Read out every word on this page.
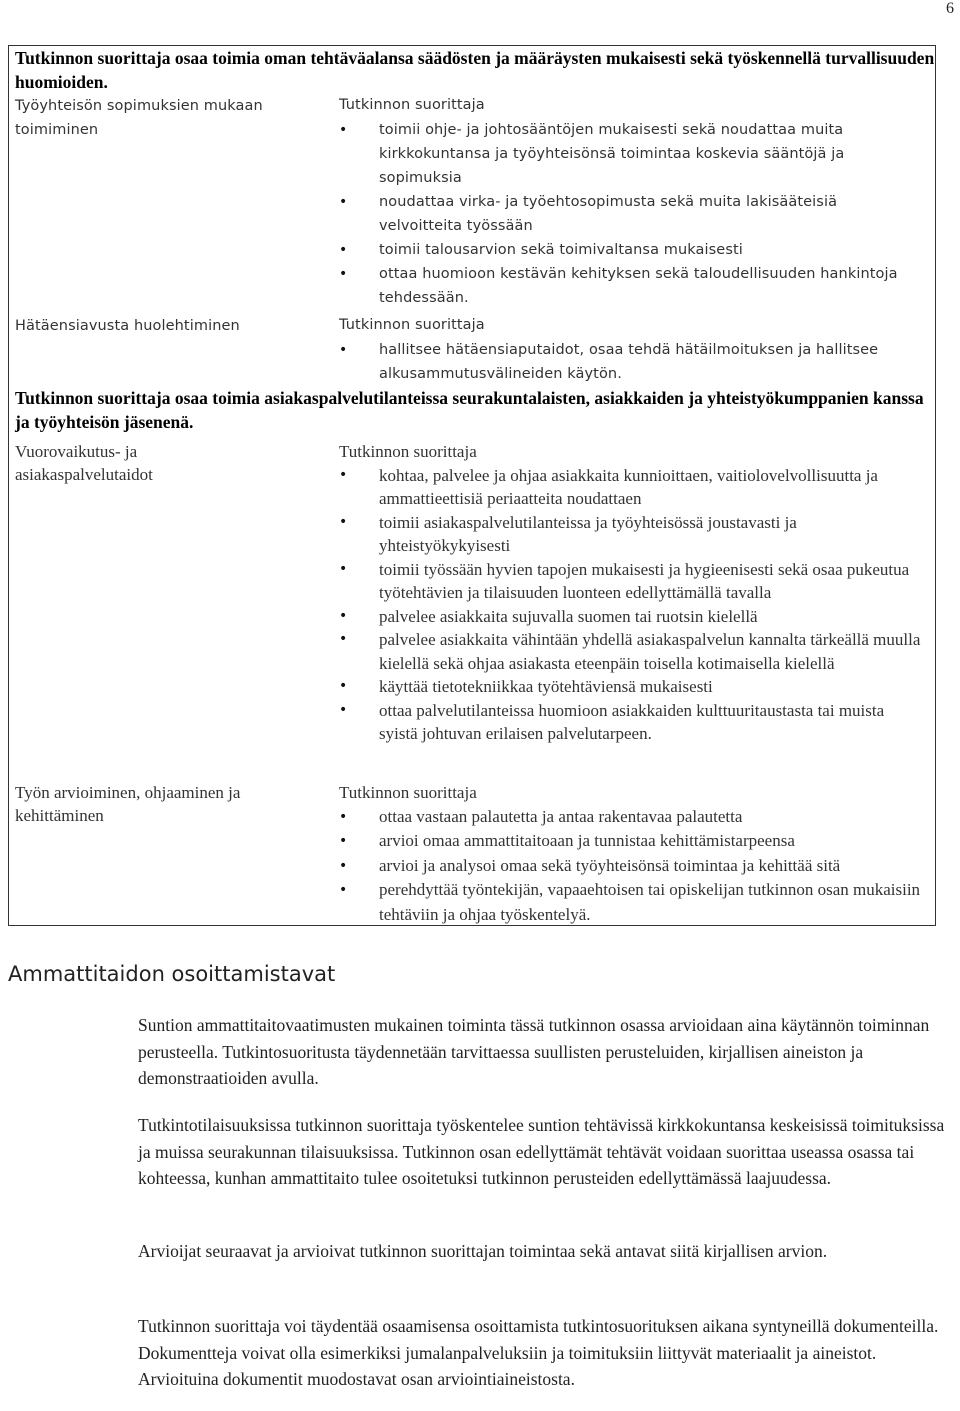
6
Tutkinnon suorittaja osaa toimia oman tehtäväalansa säädösten ja määräysten mukaisesti sekä työskennellä turvallisuuden huomioiden.
Työyhteisön sopimuksien mukaan toimiminen
Tutkinnon suorittaja
• toimii ohje- ja johtosääntöjen mukaisesti sekä noudattaa muita kirkkokuntansa ja työyhteisönsä toimintaa koskevia sääntöjä ja sopimuksia
• noudattaa virka- ja työehtosopimusta sekä muita lakisääteisiä velvoitteita työssään
• toimii talousarvion sekä toimivaltansa mukaisesti
• ottaa huomioon kestävän kehityksen sekä taloudellisuuden hankintoja tehdessään.
Hätäensiavusta huolehtiminen	Tutkinnon suorittaja
• hallitsee hätäensiaputaidot, osaa tehdä hätäilmoituksen ja hallitsee alkusammutusvälineiden käytön.
Tutkinnon suorittaja osaa toimia asiakaspalvelutilanteissa seurakuntalaisten, asiakkaiden ja yhteistyökumppanien kanssa ja työyhteisön jäsenenä.
Vuorovaikutus- ja asiakaspalvelutaidot
Tutkinnon suorittaja
• kohtaa, palvelee ja ohjaa asiakkaita kunnioittaen, vaitiolovelvollisuutta ja ammattieettisiä periaatteita noudattaen
• toimii asiakaspalvelutilanteissa ja työyhteisössä joustavasti ja yhteistyökykyisesti
• toimii työssään hyvien tapojen mukaisesti ja hygieenisesti sekä osaa pukeutua työtehtävien ja tilaisuuden luonteen edellyttämällä tavalla
• palvelee asiakkaita sujuvalla suomen tai ruotsin kielellä
• palvelee asiakkaita vähintään yhdellä asiakaspalvelun kannalta tärkeällä muulla kielellä sekä ohjaa asiakasta eteenpäin toisella kotimaisella kielellä
• käyttää tietotekniikkaa työtehtäviensä mukaisesti
• ottaa palvelutilanteissa huomioon asiakkaiden kulttuuritaustasta tai muista syistä johtuvan erilaisen palvelutarpeen.
Työn arvioiminen, ohjaaminen ja kehittäminen
Tutkinnon suorittaja
• ottaa vastaan palautetta ja antaa rakentavaa palautetta
• arvioi omaa ammattitaitoaan ja tunnistaa kehittämistarpeensa
• arvioi ja analysoi omaa sekä työyhteisönsä toimintaa ja kehittää sitä
• perehdyttää työntekijän, vapaaehtoisen tai opiskelijan tutkinnon osan mukaisiin tehtäviin ja ohjaa työskentelyä.
Ammattitaidon osoittamistavat

Suntion ammattitaitovaatimusten mukainen toiminta tässä tutkinnon osassa arvioidaan aina käytännön toiminnan perusteella. Tutkintosuoritusta täydennetään tarvittaessa suullisten perusteluiden, kirjallisen aineiston ja demonstraatioiden avulla.

Tutkintotilaisuuksissa tutkinnon suorittaja työskentelee suntion tehtävissä kirkkokuntansa keskeisissä toimituksissa ja muissa seurakunnan tilaisuuksissa. Tutkinnon osan edellyttämät tehtävät voidaan suorittaa useassa osassa tai kohteessa, kunhan ammattitaito tulee osoitetuksi tutkinnon perusteiden edellyttämässä laajuudessa.

Arvioijat seuraavat ja arvioivat tutkinnon suorittajan toimintaa sekä antavat siitä kirjallisen arvion.

Tutkinnon suorittaja voi täydentää osaamisensa osoittamista tutkintosuorituksen aikana syntyneillä dokumenteilla. Dokumentteja voivat olla esimerkiksi jumalanpalveluksiin ja toimituksiin liittyvät materiaalit ja aineistot. Arvioituina dokumentit muodostavat osan arviointiaineistosta.
